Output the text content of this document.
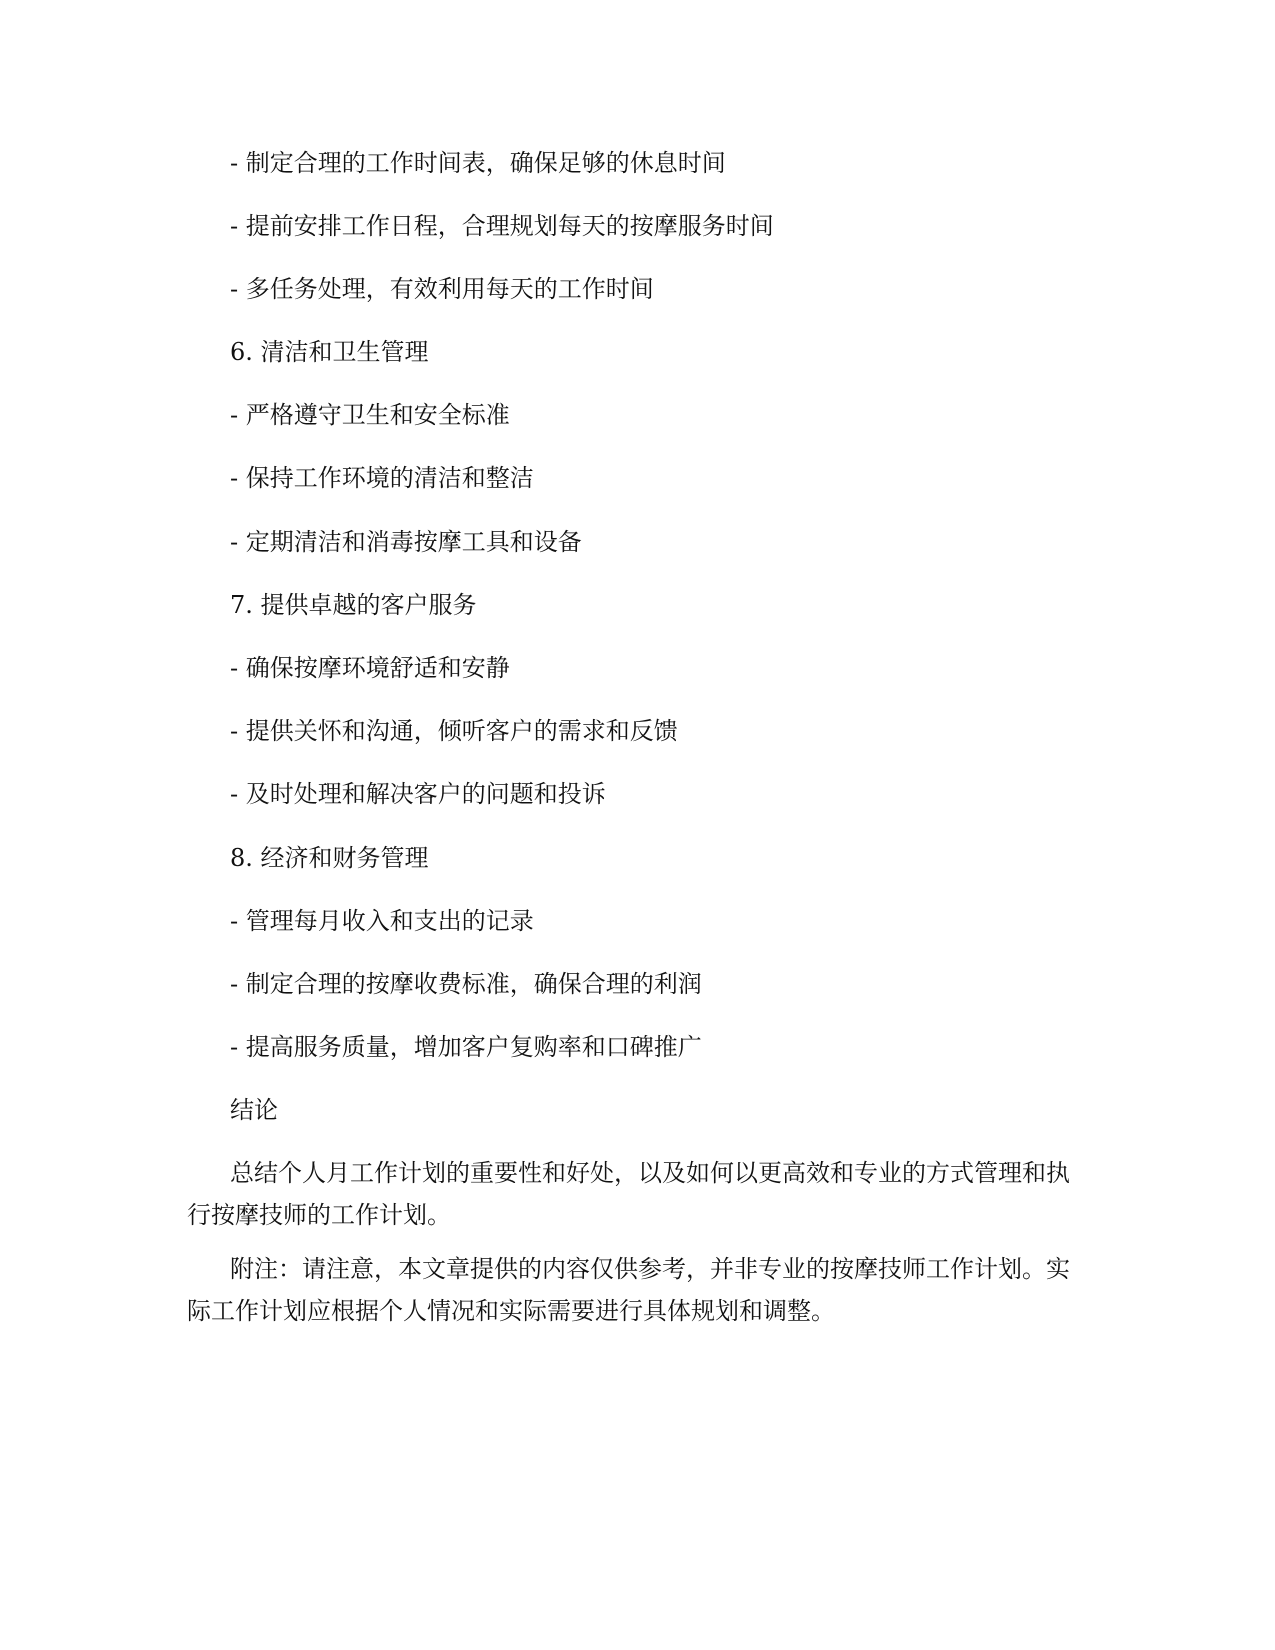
- 制定合理的工作时间表，确保足够的休息时间

- 提前安排工作日程，合理规划每天的按摩服务时间

- 多任务处理，有效利用每天的工作时间

6. 清洁和卫生管理

- 严格遵守卫生和安全标准

- 保持工作环境的清洁和整洁

- 定期清洁和消毒按摩工具和设备

7. 提供卓越的客户服务

- 确保按摩环境舒适和安静

- 提供关怀和沟通，倾听客户的需求和反馈

- 及时处理和解决客户的问题和投诉

8. 经济和财务管理

- 管理每月收入和支出的记录

- 制定合理的按摩收费标准，确保合理的利润

- 提高服务质量，增加客户复购率和口碑推广

结论

总结个人月工作计划的重要性和好处，以及如何以更高效和专业的方式管理和执行按摩技师的工作计划。

附注：请注意，本文章提供的内容仅供参考，并非专业的按摩技师工作计划。实际工作计划应根据个人情况和实际需要进行具体规划和调整。
